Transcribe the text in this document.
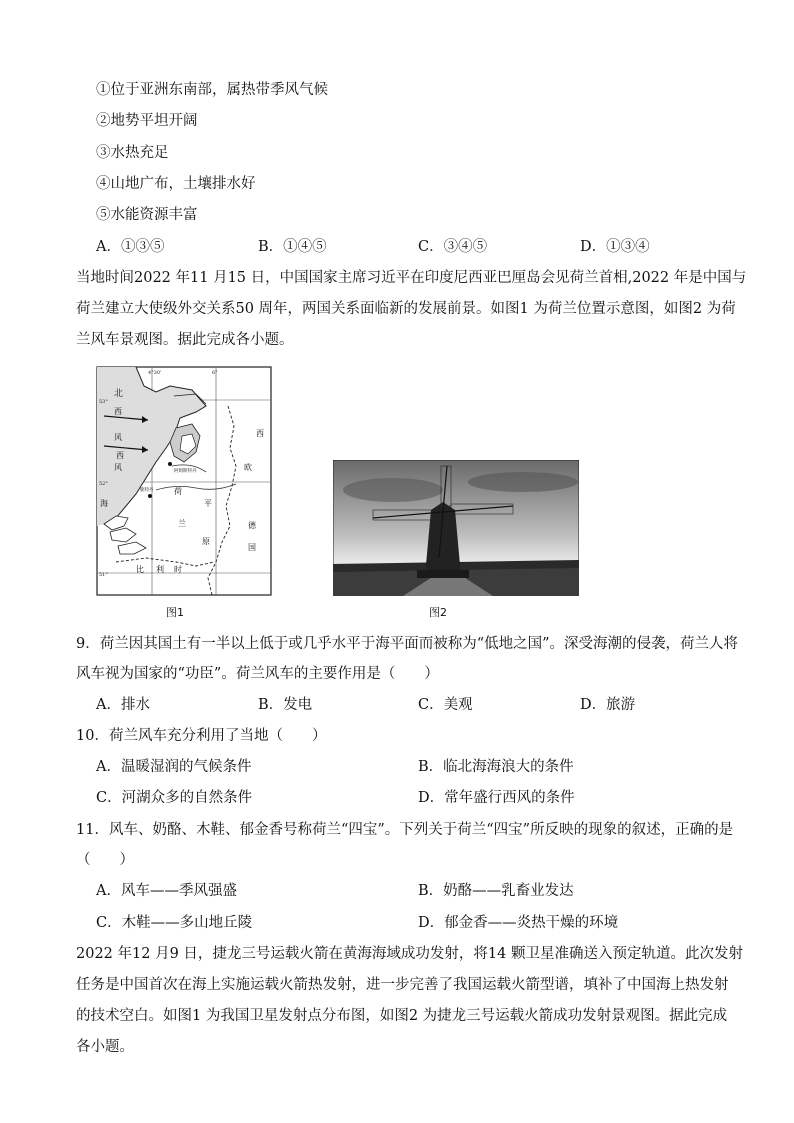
①位于亚洲东南部，属热带季风气候
②地势平坦开阔
③水热充足
④山地广布，土壤排水好
⑤水能资源丰富
A．①③⑤	B．①④⑤	C．③④⑤	D．①③④
当地时间2022 年11 月15 日，中国国家主席习近平在印度尼西亚巴厘岛会见荷兰首相,2022 年是中国与
荷兰建立大使级外交关系50 周年，两国关系面临新的发展前景。如图1 为荷兰位置示意图，如图2 为荷
兰风车景观图。据此完成各小题。
4°30'	6°
53°
52°
51°
北
西
风
西
风
海
西
欧
荷
平
兰
原
德
国
比 利 时
阿姆斯特丹
鹿特丹
图1	图2
9．荷兰因其国土有一半以上低于或几乎水平于海平面而被称为“低地之国”。深受海潮的侵袭，荷兰人将
风车视为国家的“功臣”。荷兰风车的主要作用是（　　）
A．排水	B．发电	C．美观	D．旅游
10．荷兰风车充分利用了当地（　　）
A．温暖湿润的气候条件	B．临北海海浪大的条件
C．河湖众多的自然条件	D．常年盛行西风的条件
11．风车、奶酪、木鞋、郁金香号称荷兰“四宝”。下列关于荷兰“四宝”所反映的现象的叙述，正确的是
（　　）
A．风车——季风强盛	B．奶酪——乳畜业发达
C．木鞋——多山地丘陵	D．郁金香——炎热干燥的环境
2022 年12 月9 日，捷龙三号运载火箭在黄海海域成功发射，将14 颗卫星准确送入预定轨道。此次发射
任务是中国首次在海上实施运载火箭热发射，进一步完善了我国运载火箭型谱，填补了中国海上热发射
的技术空白。如图1 为我国卫星发射点分布图，如图2 为捷龙三号运载火箭成功发射景观图。据此完成
各小题。
